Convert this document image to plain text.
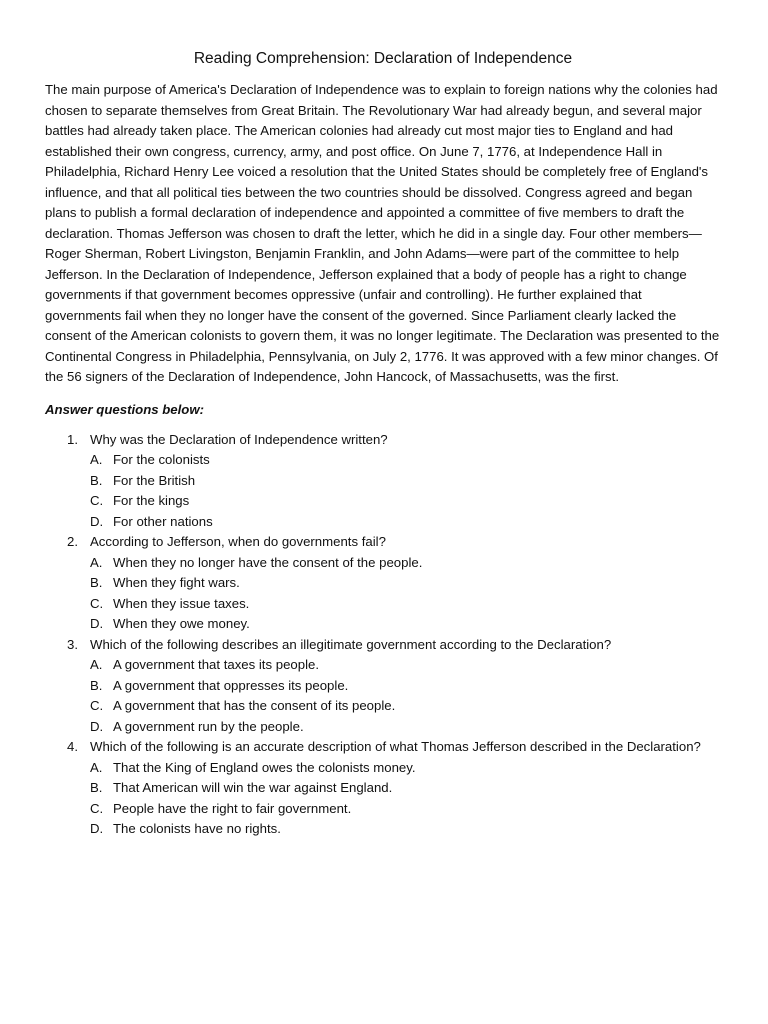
Reading Comprehension: Declaration of Independence

The main purpose of America's Declaration of Independence was to explain to foreign nations why the colonies had chosen to separate themselves from Great Britain. The Revolutionary War had already begun, and several major battles had already taken place. The American colonies had already cut most major ties to England and had established their own congress, currency, army, and post office. On June 7, 1776, at Independence Hall in Philadelphia, Richard Henry Lee voiced a resolution that the United States should be completely free of England's influence, and that all political ties between the two countries should be dissolved. Congress agreed and began plans to publish a formal declaration of independence and appointed a committee of five members to draft the declaration. Thomas Jefferson was chosen to draft the letter, which he did in a single day. Four other members—Roger Sherman, Robert Livingston, Benjamin Franklin, and John Adams—were part of the committee to help Jefferson. In the Declaration of Independence, Jefferson explained that a body of people has a right to change governments if that government becomes oppressive (unfair and controlling). He further explained that governments fail when they no longer have the consent of the governed. Since Parliament clearly lacked the consent of the American colonists to govern them, it was no longer legitimate. The Declaration was presented to the Continental Congress in Philadelphia, Pennsylvania, on July 2, 1776. It was approved with a few minor changes. Of the 56 signers of the Declaration of Independence, John Hancock, of Massachusetts, was the first.

Answer questions below:
1. Why was the Declaration of Independence written?
A. For the colonists
B. For the British
C. For the kings
D. For other nations
2. According to Jefferson, when do governments fail?
A. When they no longer have the consent of the people.
B. When they fight wars.
C. When they issue taxes.
D. When they owe money.
3. Which of the following describes an illegitimate government according to the Declaration?
A. A government that taxes its people.
B. A government that oppresses its people.
C. A government that has the consent of its people.
D. A government run by the people.
4. Which of the following is an accurate description of what Thomas Jefferson described in the Declaration?
A. That the King of England owes the colonists money.
B. That American will win the war against England.
C. People have the right to fair government.
D. The colonists have no rights.
